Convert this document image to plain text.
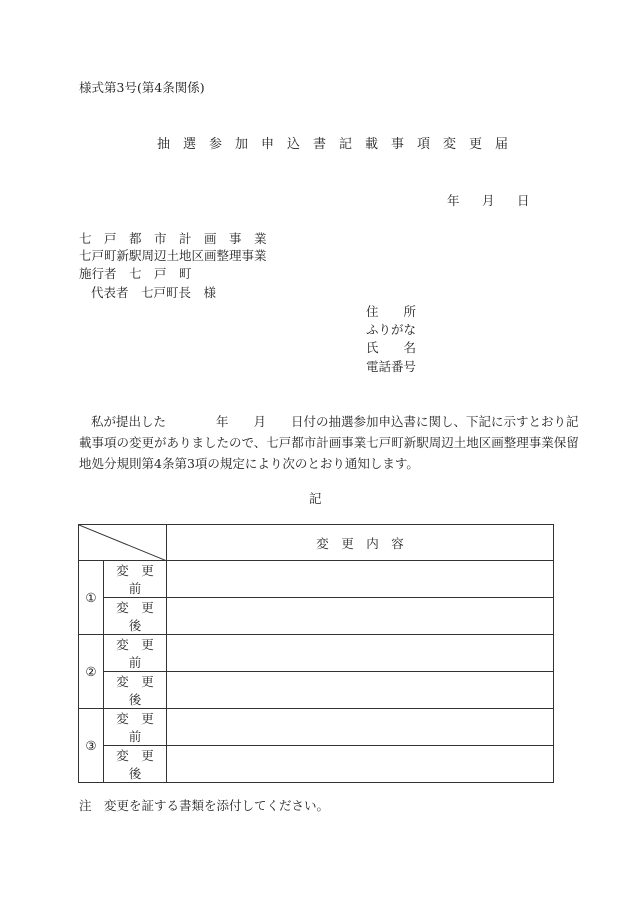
様式第3号(第4条関係)
抽　選　参　加　申　込　書　記　載　事　項　変　更　届
年 月 日
七　戸　都　市　計　画　事　業
七戸町新駅周辺土地区画整理事業
施行者　七　戸　町
代表者　七戸町長　様
住　　所
ふりがな
氏　　名
電話番号
私が提出した　　　　年　　月　　日付の抽選参加申込書に関し、下記に示すとおり記
載事項の変更がありましたので、七戸都市計画事業七戸町新駅周辺土地区画整理事業保留
地処分規則第4条第3項の規定により次のとおり通知します。
記
	変　更　内　容
①	変　更　前	
	変　更　後	
②	変　更　前	
	変　更　後	
③	変　更　前	
	変　更　後	
注　変更を証する書類を添付してください。
